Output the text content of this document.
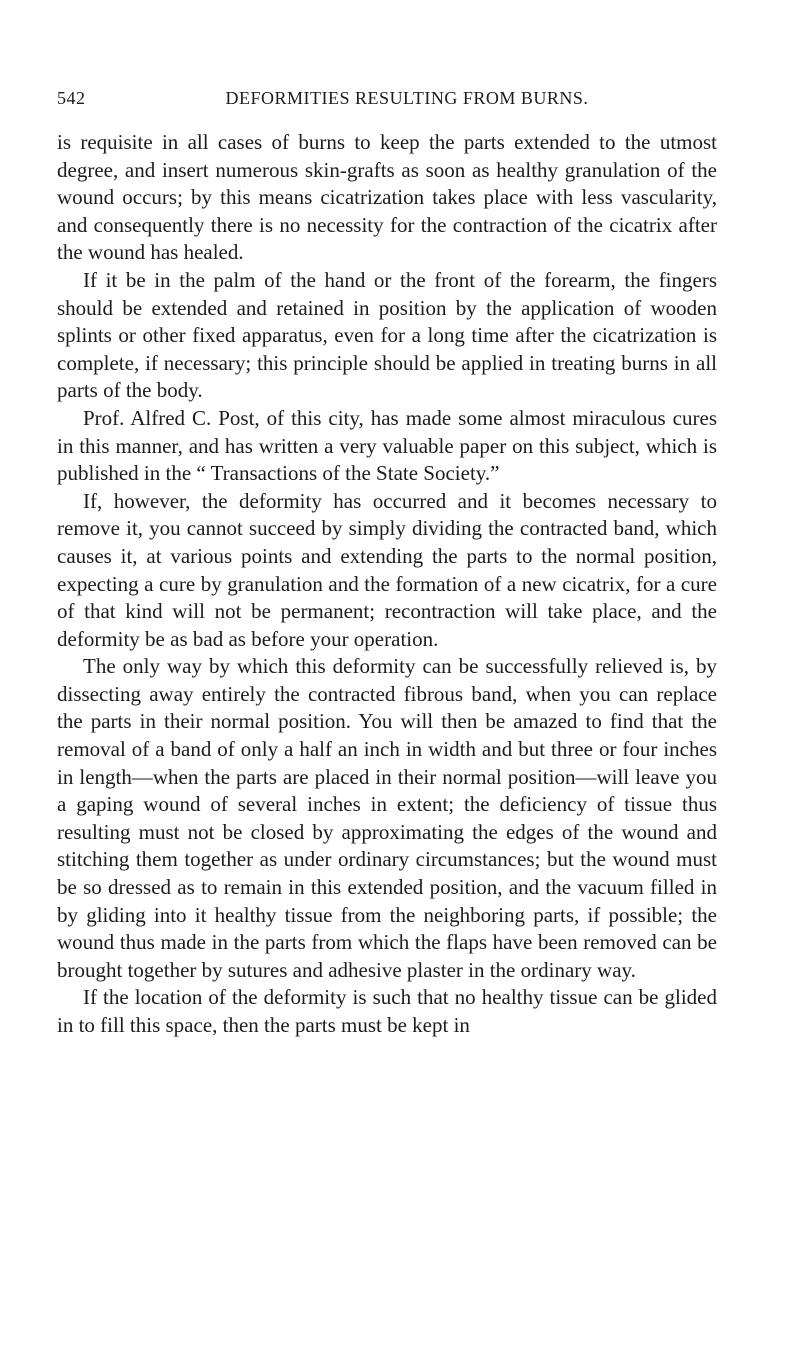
542	DEFORMITIES RESULTING FROM BURNS.

is requisite in all cases of burns to keep the parts extended to the utmost degree, and insert numerous skin-grafts as soon as healthy granulation of the wound occurs; by this means cicatrization takes place with less vascularity, and consequently there is no necessity for the contraction of the cicatrix after the wound has healed.

If it be in the palm of the hand or the front of the forearm, the fingers should be extended and retained in position by the application of wooden splints or other fixed apparatus, even for a long time after the cicatrization is complete, if necessary; this principle should be applied in treating burns in all parts of the body.

Prof. Alfred C. Post, of this city, has made some almost miraculous cures in this manner, and has written a very valuable paper on this subject, which is published in the “ Transactions of the State Society.”

If, however, the deformity has occurred and it becomes necessary to remove it, you cannot succeed by simply dividing the contracted band, which causes it, at various points and extending the parts to the normal position, expecting a cure by granulation and the formation of a new cicatrix, for a cure of that kind will not be permanent; recontraction will take place, and the deformity be as bad as before your operation.

The only way by which this deformity can be successfully relieved is, by dissecting away entirely the contracted fibrous band, when you can replace the parts in their normal position. You will then be amazed to find that the removal of a band of only a half an inch in width and but three or four inches in length—when the parts are placed in their normal position—will leave you a gaping wound of several inches in extent; the deficiency of tissue thus resulting must not be closed by approximating the edges of the wound and stitching them together as under ordinary circumstances; but the wound must be so dressed as to remain in this extended position, and the vacuum filled in by gliding into it healthy tissue from the neighboring parts, if possible; the wound thus made in the parts from which the flaps have been removed can be brought together by sutures and adhesive plaster in the ordinary way.

If the location of the deformity is such that no healthy tissue can be glided in to fill this space, then the parts must be kept in
